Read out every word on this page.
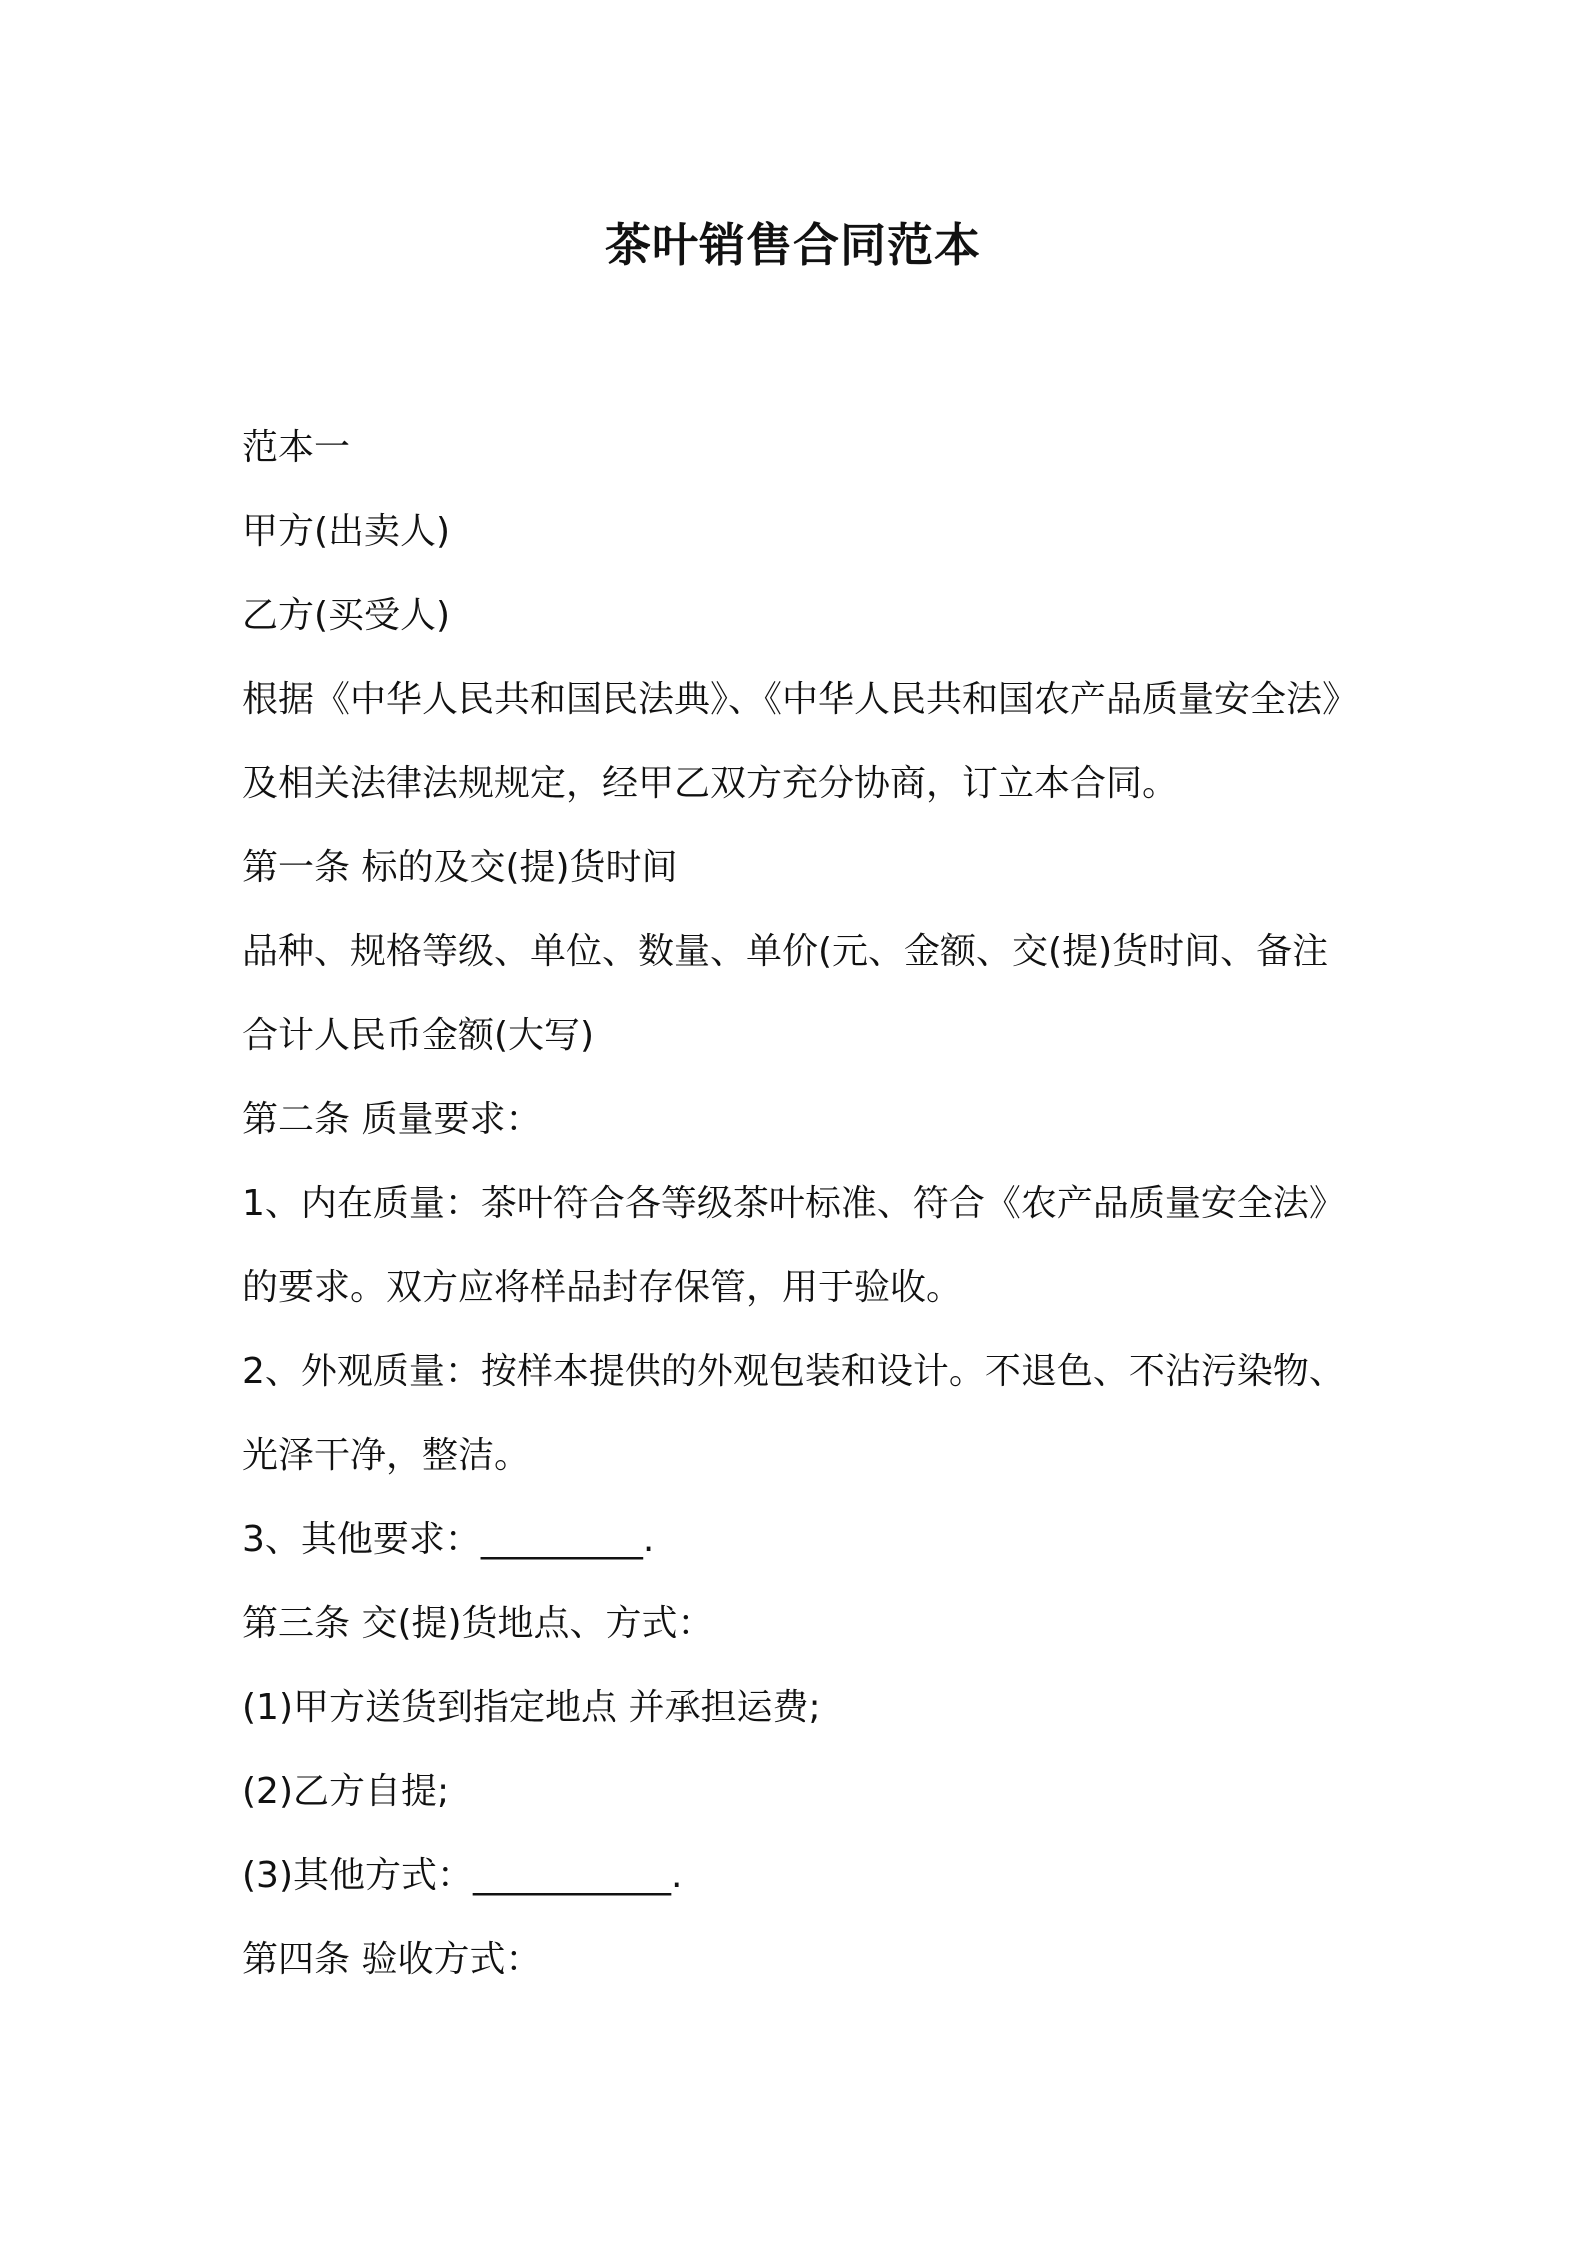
茶叶销售合同范本
范本一
甲方(出卖人)
乙方(买受人)
根据《中华人民共和国民法典》、《中华人民共和国农产品质量安全法》
及相关法律法规规定，经甲乙双方充分协商，订立本合同。
第一条 标的及交(提)货时间
品种、规格等级、单位、数量、单价(元、金额、交(提)货时间、备注
合计人民币金额(大写)
第二条 质量要求：
1、内在质量：茶叶符合各等级茶叶标准、符合《农产品质量安全法》
的要求。双方应将样品封存保管，用于验收。
2、外观质量：按样本提供的外观包装和设计。不退色、不沾污染物、
光泽干净，整洁。
3、其他要求：_________.
第三条 交(提)货地点、方式：
(1)甲方送货到指定地点 并承担运费;
(2)乙方自提;
(3)其他方式：___________.
第四条 验收方式：
